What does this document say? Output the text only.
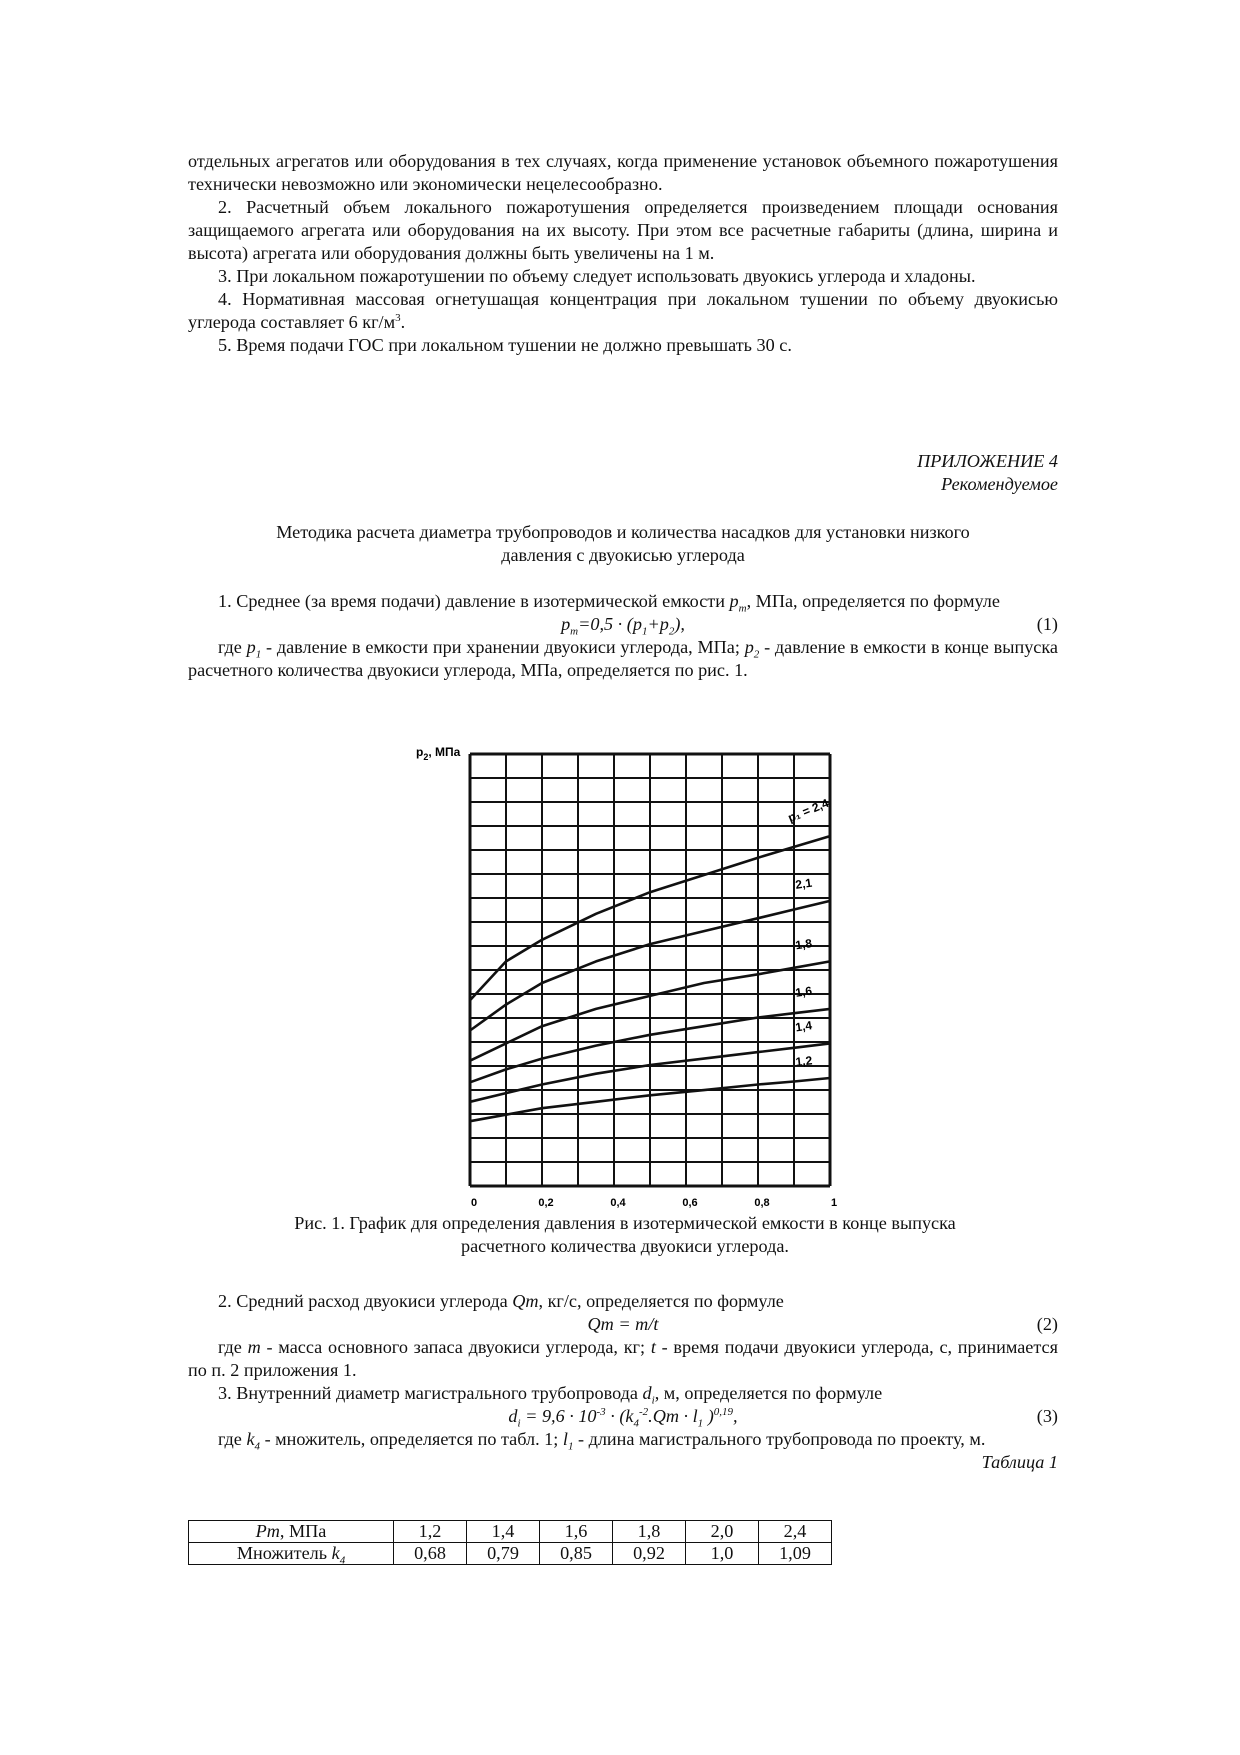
отдельных агрегатов или оборудования в тех случаях, когда применение установок объемного пожаротушения технически невозможно или экономически нецелесообразно.

2. Расчетный объем локального пожаротушения определяется произведением площади основания защищаемого агрегата или оборудования на их высоту. При этом все расчетные габариты (длина, ширина и высота) агрегата или оборудования должны быть увеличены на 1 м.

3. При локальном пожаротушении по объему следует использовать двуокись углерода и хладоны.

4. Нормативная массовая огнетушащая концентрация при локальном тушении по объему двуокисью углерода составляет 6 $кг/м^3$.

5. Время подачи ГОС при локальном тушении не должно превышать 30 с.

ПРИЛОЖЕНИЕ 4

Рекомендуемое

Методика расчета диаметра трубопроводов и количества насадков для установки низкого

давления с двуокисью углерода

1. Среднее (за время подачи) давление в изотермической емкости $p_m$, МПа, определяется по формуле

$p_m=0,5 \cdot (p_1+p_2)$,	(1)

где $p_1$ - давление в емкости при хранении двуокиси углерода, МПа; $p_2$ - давление в емкости в конце выпуска расчетного количества двуокиси углерода, МПа, определяется по рис. 1.

p₁ = 2,4
2,1
1,8
1,6
1,4
1,2
0	0,2	0,4	0,6	0,8	1
$p_2$, МПа
Рис. 1. График для определения давления в изотермической емкости в конце выпуска
расчетного количества двуокиси углерода.

2. Средний расход двуокиси углерода Qm, кг/с, определяется по формуле

Qm = m/t	(2)

где m - масса основного запаса двуокиси углерода, кг; t - время подачи двуокиси углерода, с, принимается по п. 2 приложения 1.

3. Внутренний диаметр магистрального трубопровода $d_i$, м, определяется по формуле

$d_i = 9,6 \cdot 10^{-3} \cdot (k_4^{-2}.Qm \cdot l_1$ )$^{0,19}$,	(3)

где $k_4$ - множитель, определяется по табл. 1; $l_1$ - длина магистрального трубопровода по проекту, м.

Таблица 1

Pm, МПа	1,2	1,4	1,6	1,8	2,0	2,4
Множитель $k_4$	0,68	0,79	0,85	0,92	1,0	1,09
